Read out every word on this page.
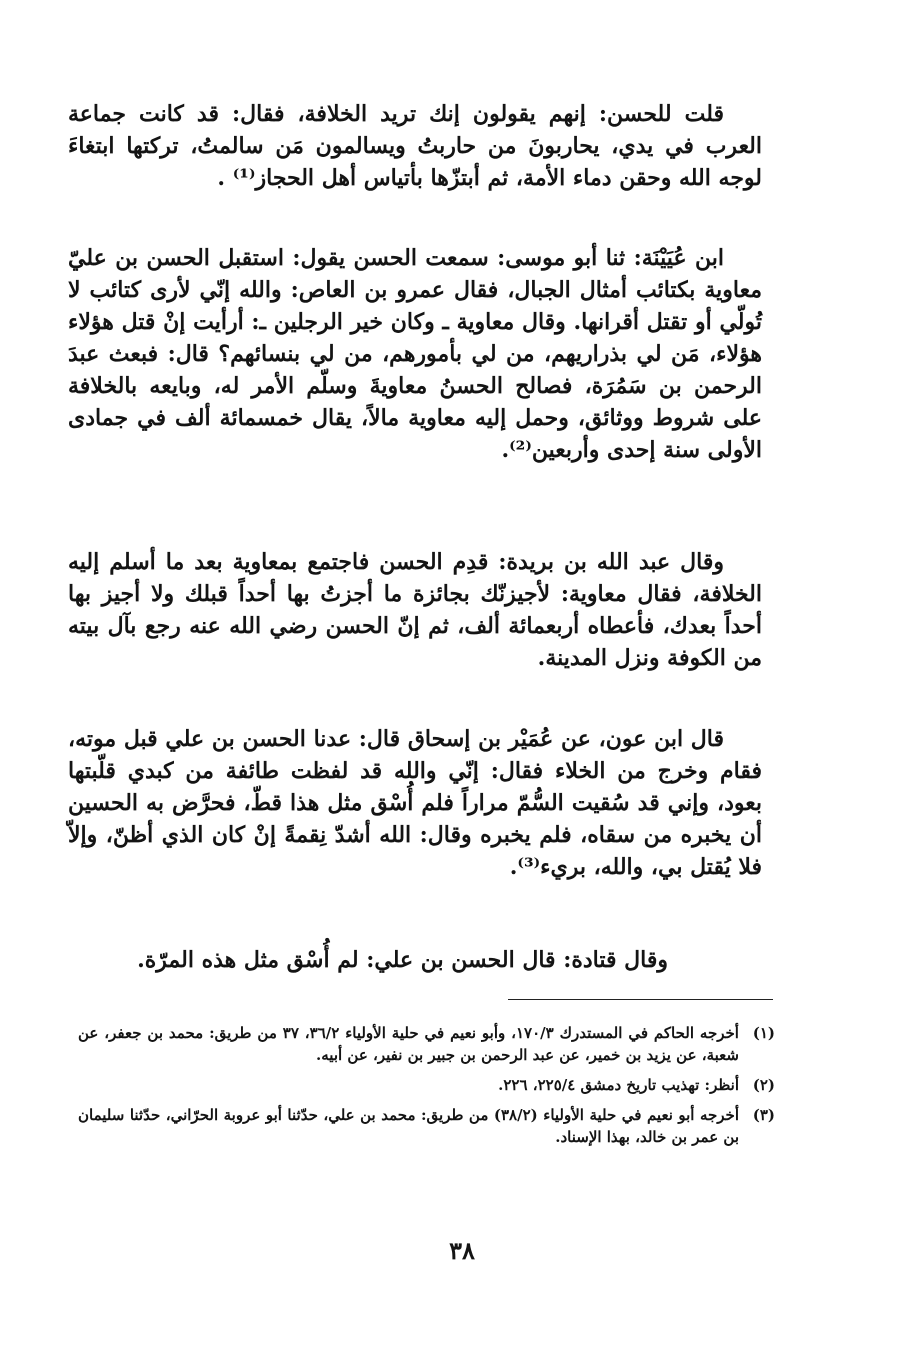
قلت للحسن: إنهم يقولون إنك تريد الخلافة، فقال: قد كانت جماعة العرب في يدي، يحاربونَ من حاربتُ ويسالمون مَن سالمتُ، تركتها ابتغاءَ لوجه الله وحقن دماء الأمة، ثم أبتزّها بأتياس أهل الحجاز⁽¹⁾ .

ابن عُيَيْنَة: ثنا أبو موسى: سمعت الحسن يقول: استقبل الحسن بن عليّ معاوية بكتائب أمثال الجبال، فقال عمرو بن العاص: والله إنّي لأرى كتائب لا تُولّي أو تقتل أقرانها. وقال معاوية ـ وكان خير الرجلين ـ: أرأيت إنْ قتل هؤلاء هؤلاء، مَن لي بذراريهم، من لي بأمورهم، من لي بنسائهم؟ قال: فبعث عبدَ الرحمن بن سَمُرَة، فصالح الحسنُ معاويةَ وسلّم الأمر له، وبايعه بالخلافة على شروط ووثائق، وحمل إليه معاوية مالاً، يقال خمسمائة ألف في جمادى الأولى سنة إحدى وأربعين⁽²⁾.

وقال عبد الله بن بريدة: قدِم الحسن فاجتمع بمعاوية بعد ما أسلم إليه الخلافة، فقال معاوية: لأجيزنّك بجائزة ما أجزتُ بها أحداً قبلك ولا أجيز بها أحداً بعدك، فأعطاه أربعمائة ألف، ثم إنّ الحسن رضي الله عنه رجع بآل بيته من الكوفة ونزل المدينة.

قال ابن عون، عن عُمَيْر بن إسحاق قال: عدنا الحسن بن علي قبل موته، فقام وخرج من الخلاء فقال: إنّي والله قد لفظت طائفة من كبدي قلّبتها بعود، وإني قد سُقيت السُّمّ مراراً فلم أُسْق مثل هذا قطّ، فحرَّض به الحسين أن يخبره من سقاه، فلم يخبره وقال: الله أشدّ نِقمةً إنْ كان الذي أظنّ، وإلاّ فلا يُقتل بي، والله، بريء⁽³⁾.

وقال قتادة: قال الحسن بن علي: لم أُسْق مثل هذه المرّة.

(١)
أخرجه الحاكم في المستدرك ١٧٠/٣، وأبو نعيم في حلية الأولياء ٣٦/٢، ٣٧ من طريق: محمد بن جعفر، عن شعبة، عن يزيد بن خمير، عن عبد الرحمن بن جبير بن نفير، عن أبيه.
(٢)
أنظر: تهذيب تاريخ دمشق ٢٢٥/٤، ٢٢٦.
(٣)
أخرجه أبو نعيم في حلية الأولياء (٣٨/٢) من طريق: محمد بن علي، حدّثنا أبو عروبة الحرّاني، حدّثنا سليمان بن عمر بن خالد، بهذا الإسناد.
٣٨
